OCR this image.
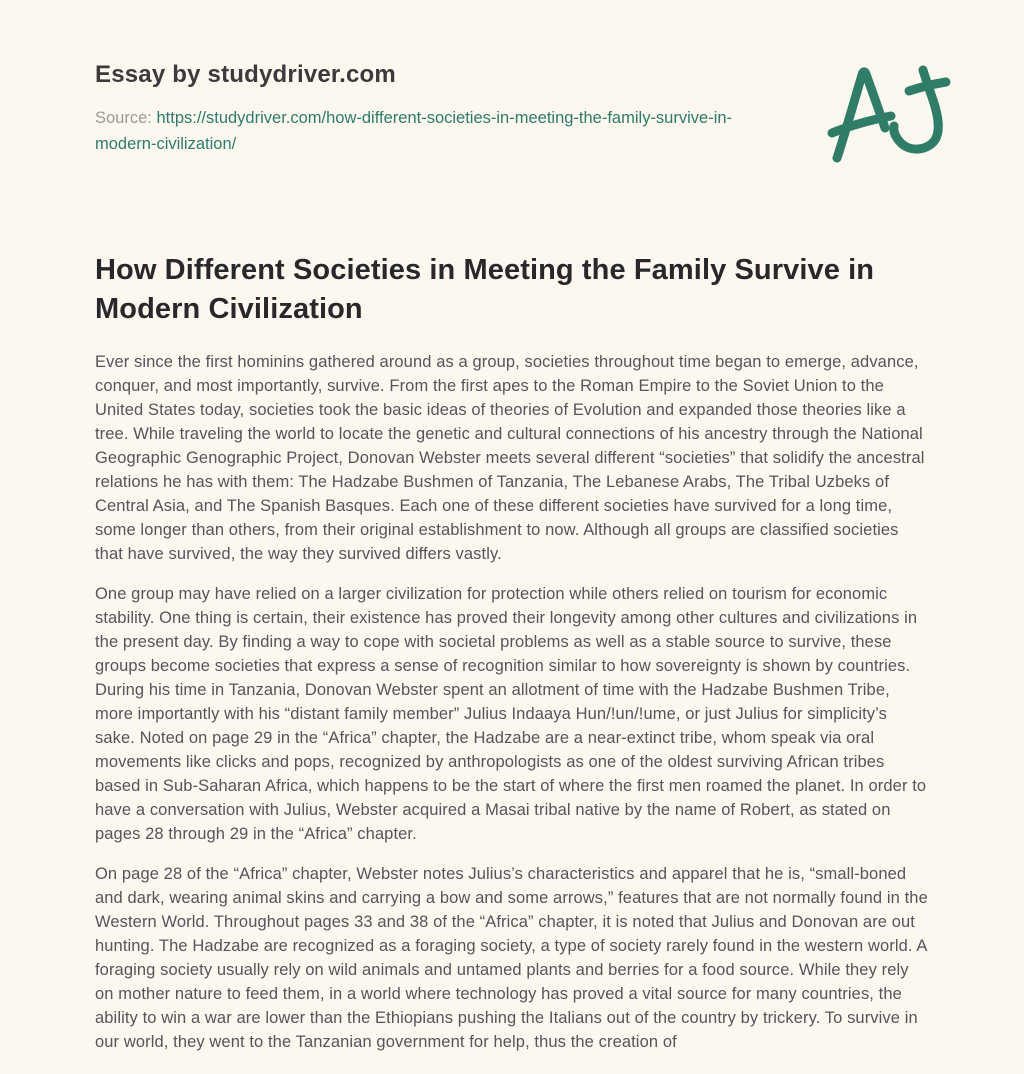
Essay by studydriver.com
Source: https://studydriver.com/how-different-societies-in-meeting-the-family-survive-in-modern-civilization/
How Different Societies in Meeting the Family Survive in Modern Civilization

Ever since the first hominins gathered around as a group, societies throughout time began to emerge, advance, conquer, and most importantly, survive. From the first apes to the Roman Empire to the Soviet Union to the United States today, societies took the basic ideas of theories of Evolution and expanded those theories like a tree. While traveling the world to locate the genetic and cultural connections of his ancestry through the National Geographic Genographic Project, Donovan Webster meets several different “societies” that solidify the ancestral relations he has with them: The Hadzabe Bushmen of Tanzania, The Lebanese Arabs, The Tribal Uzbeks of Central Asia, and The Spanish Basques. Each one of these different societies have survived for a long time, some longer than others, from their original establishment to now. Although all groups are classified societies that have survived, the way they survived differs vastly.

One group may have relied on a larger civilization for protection while others relied on tourism for economic stability. One thing is certain, their existence has proved their longevity among other cultures and civilizations in the present day. By finding a way to cope with societal problems as well as a stable source to survive, these groups become societies that express a sense of recognition similar to how sovereignty is shown by countries. During his time in Tanzania, Donovan Webster spent an allotment of time with the Hadzabe Bushmen Tribe, more importantly with his “distant family member” Julius Indaaya Hun/!un/!ume, or just Julius for simplicity’s sake. Noted on page 29 in the “Africa” chapter, the Hadzabe are a near-extinct tribe, whom speak via oral movements like clicks and pops, recognized by anthropologists as one of the oldest surviving African tribes based in Sub-Saharan Africa, which happens to be the start of where the first men roamed the planet. In order to have a conversation with Julius, Webster acquired a Masai tribal native by the name of Robert, as stated on pages 28 through 29 in the “Africa” chapter.

On page 28 of the “Africa” chapter, Webster notes Julius’s characteristics and apparel that he is, “small-boned and dark, wearing animal skins and carrying a bow and some arrows,” features that are not normally found in the Western World. Throughout pages 33 and 38 of the “Africa” chapter, it is noted that Julius and Donovan are out hunting. The Hadzabe are recognized as a foraging society, a type of society rarely found in the western world. A foraging society usually rely on wild animals and untamed plants and berries for a food source. While they rely on mother nature to feed them, in a world where technology has proved a vital source for many countries, the ability to win a war are lower than the Ethiopians pushing the Italians out of the country by trickery. To survive in our world, they went to the Tanzanian government for help, thus the creation of
